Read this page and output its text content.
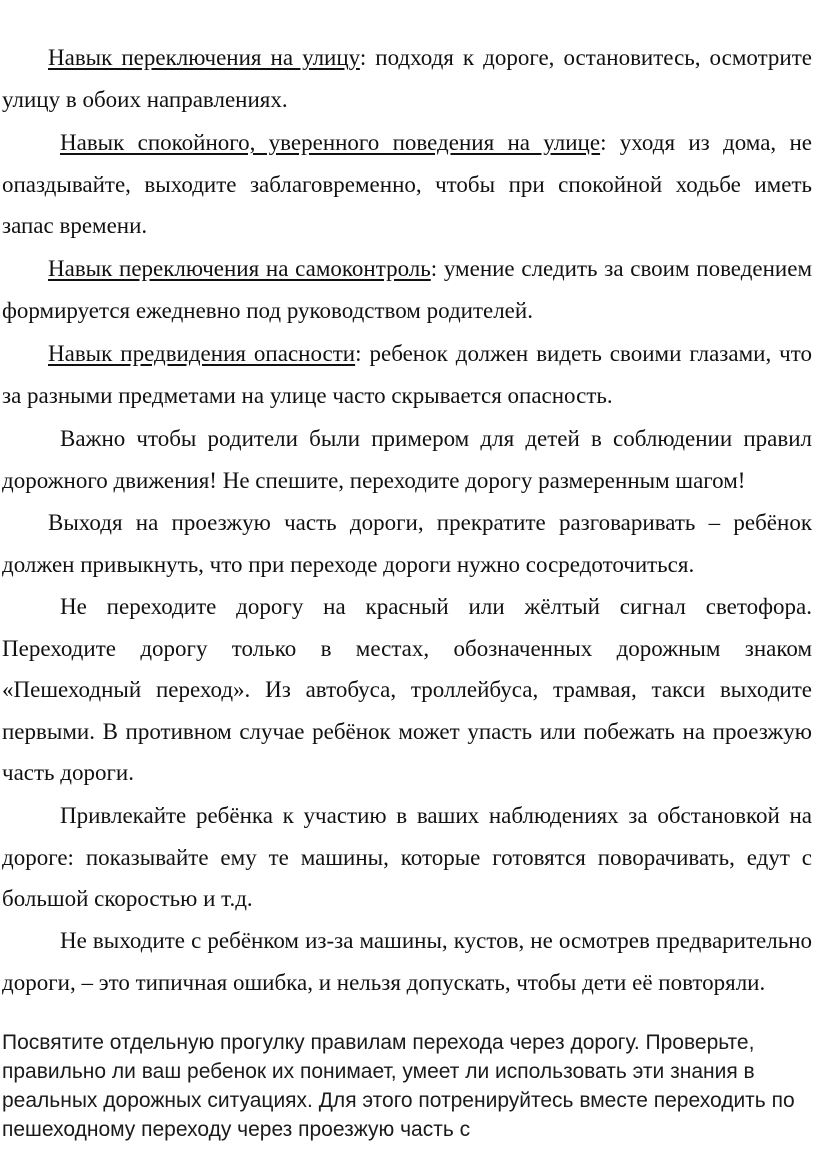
Навык переключения на улицу: подходя к дороге, остановитесь, осмотрите улицу в обоих направлениях.

Навык спокойного, уверенного поведения на улице: уходя из дома, не опаздывайте, выходите заблаговременно, чтобы при спокойной ходьбе иметь запас времени.

Навык переключения на самоконтроль: умение следить за своим поведением формируется ежедневно под руководством родителей.

Навык предвидения опасности: ребенок должен видеть своими глазами, что за разными предметами на улице часто скрывается опасность.

Важно чтобы родители были примером для детей в соблюдении правил дорожного движения! Не спешите, переходите дорогу размеренным шагом!

Выходя на проезжую часть дороги, прекратите разговаривать – ребёнок должен привыкнуть, что при переходе дороги нужно сосредоточиться.

Не переходите дорогу на красный или жёлтый сигнал светофора. Переходите дорогу только в местах, обозначенных дорожным знаком «Пешеходный переход». Из автобуса, троллейбуса, трамвая, такси выходите первыми. В противном случае ребёнок может упасть или побежать на проезжую часть дороги.

Привлекайте ребёнка к участию в ваших наблюдениях за обстановкой на дороге: показывайте ему те машины, которые готовятся поворачивать, едут с большой скоростью и т.д.

Не выходите с ребёнком из-за машины, кустов, не осмотрев предварительно дороги, – это типичная ошибка, и нельзя допускать, чтобы дети её повторяли.

Посвятите отдельную прогулку правилам перехода через дорогу. Проверьте, правильно ли ваш ребенок их понимает, умеет ли использовать эти знания в реальных дорожных ситуациях. Для этого потренируйтесь вместе переходить по пешеходному переходу через проезжую часть с
